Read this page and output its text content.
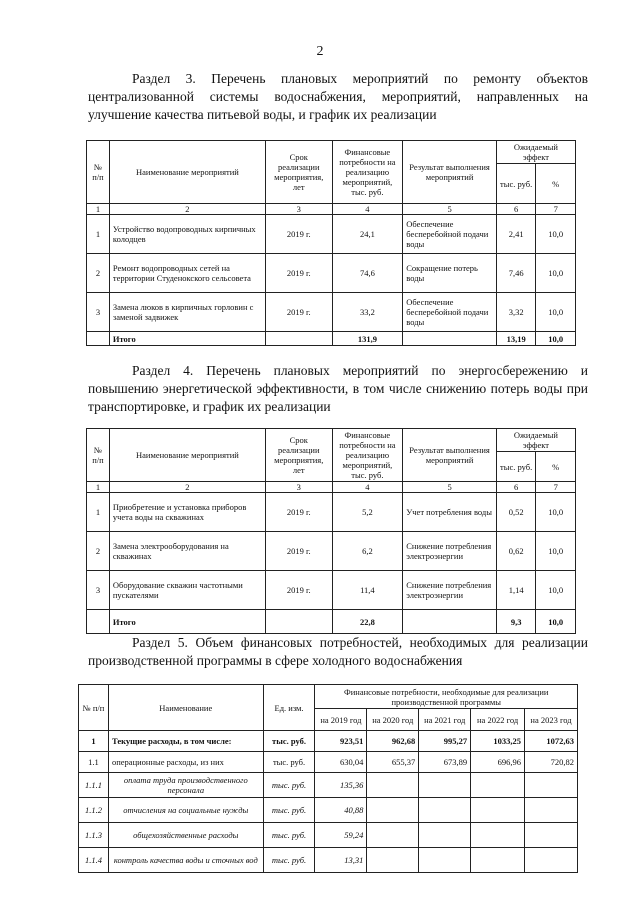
2
Раздел 3. Перечень плановых мероприятий по ремонту объектов централизованной системы водоснабжения, мероприятий, направленных на улучшение качества питьевой воды, и график их реализации
№ п/п	Наименование мероприятий	Срок реализации мероприятия, лет	Финансовые потребности на реализацию мероприятий, тыс. руб.	Результат выполнения мероприятий	Ожидаемый эффект	
					тыс. руб.	%
1	2	3	4	5	6	7
1	Устройство водопроводных кирпичных колодцев	2019 г.	24,1	Обеспечение бесперебойной подачи воды	2,41	10,0
2	Ремонт водопроводных сетей на территории Студенокского сельсовета	2019 г.	74,6	Сокращение потерь воды	7,46	10,0
3	Замена люков в кирпичных горловин с заменой задвижек	2019 г.	33,2	Обеспечение бесперебойной подачи воды	3,32	10,0
	Итого		131,9		13,19	10,0
Раздел 4. Перечень плановых мероприятий по энергосбережению и повышению энергетической эффективности, в том числе снижению потерь воды при транспортировке, и график их реализации
№ п/п	Наименование мероприятий	Срок реализации мероприятия, лет	Финансовые потребности на реализацию мероприятий, тыс. руб.	Результат выполнения мероприятий	Ожидаемый эффект	
					тыс. руб.	%
1	2	3	4	5	6	7
1	Приобретение и установка приборов учета воды на скважинах	2019 г.	5,2	Учет потребления воды	0,52	10,0
2	Замена электрооборудования на скважинах	2019 г.	6,2	Снижение потребления электроэнергии	0,62	10,0
3	Оборудование скважин частотными пускателями	2019 г.	11,4	Снижение потребления электроэнергии	1,14	10,0
	Итого		22,8		9,3	10,0
Раздел 5. Объем финансовых потребностей, необходимых для реализации производственной программы в сфере холодного водоснабжения
№ п/п	Наименование	Ед. изм.	Финансовые потребности, необходимые для реализации производственной программы				
			на 2019 год	на 2020 год	на 2021 год	на 2022 год	на 2023 год
1	Текущие расходы, в том числе:	тыс. руб.	923,51	962,68	995,27	1033,25	1072,63
1.1	операционные расходы, из них	тыс. руб.	630,04	655,37	673,89	696,96	720,82
1.1.1	оплата труда производственного персонала	тыс. руб.	135,36				
1.1.2	отчисления на социальные нужды	тыс. руб.	40,88				
1.1.3	общехозяйственные расходы	тыс. руб.	59,24				
1.1.4	контроль качества воды и сточных вод	тыс. руб.	13,31				
